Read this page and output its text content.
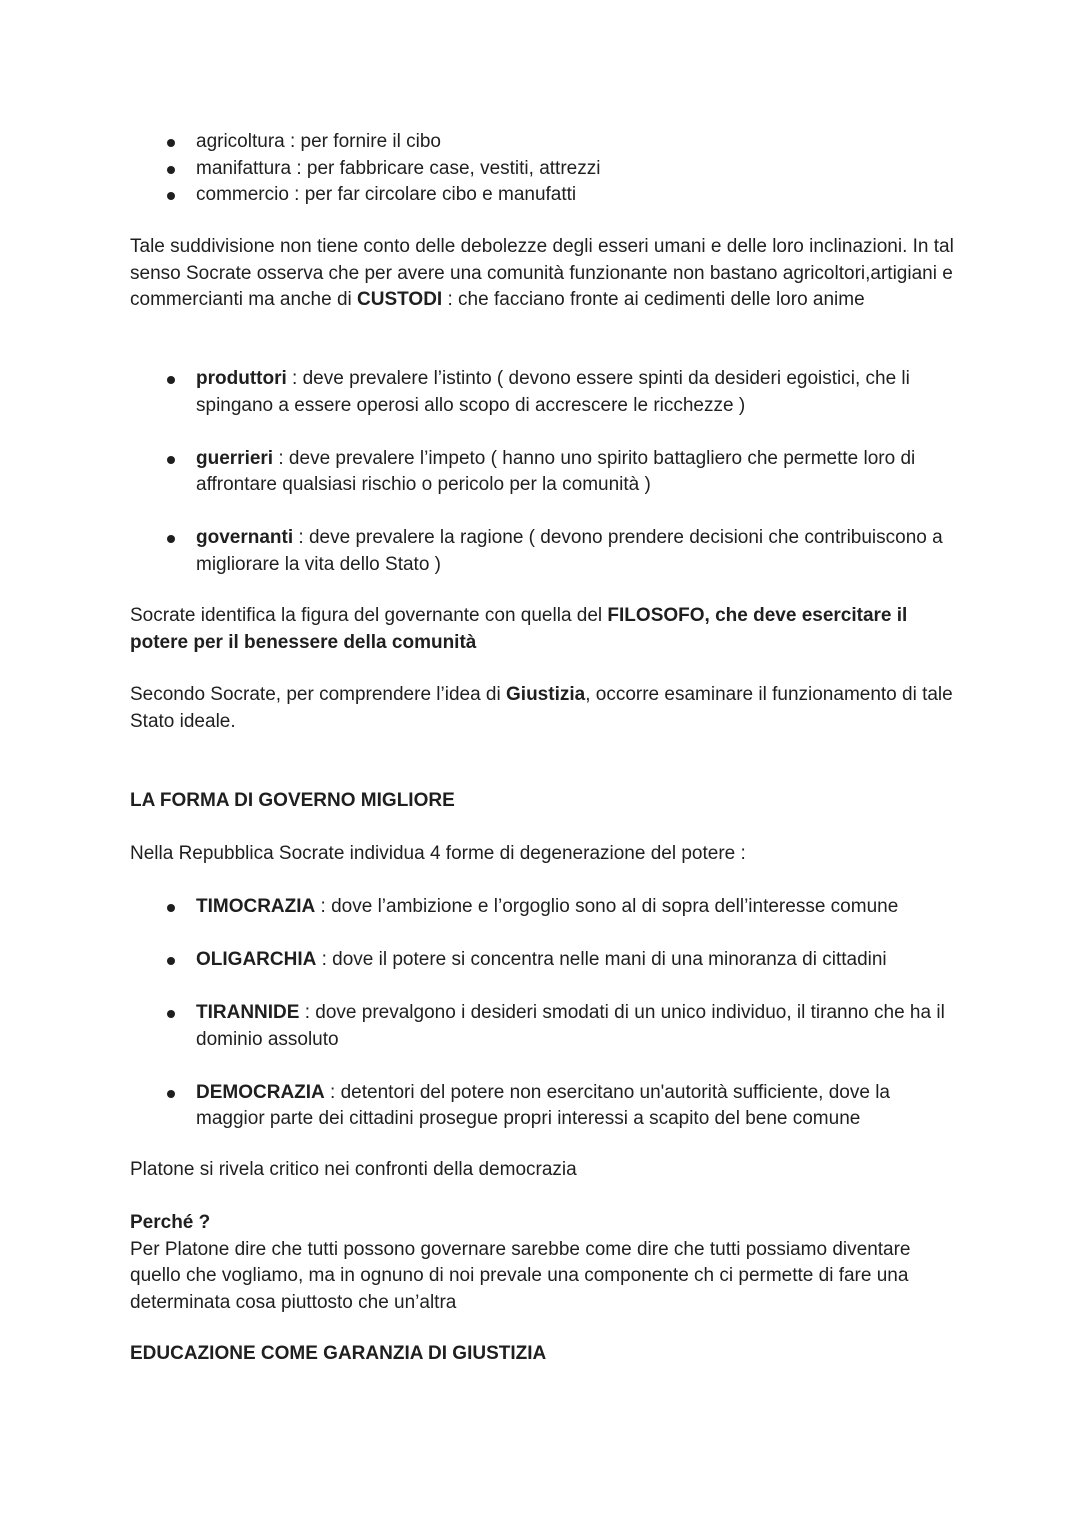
agricoltura : per fornire il cibo
manifattura : per fabbricare case, vestiti, attrezzi
commercio : per far circolare cibo e manufatti

Tale suddivisione non tiene conto delle debolezze degli esseri umani e delle loro inclinazioni. In tal senso Socrate osserva che per avere una comunità funzionante non bastano agricoltori,artigiani e commercianti ma anche di CUSTODI : che facciano fronte ai cedimenti delle loro anime

produttori : deve prevalere l’istinto ( devono essere spinti da desideri egoistici, che li spingano a essere operosi allo scopo di accrescere le ricchezze )
guerrieri : deve prevalere l’impeto ( hanno uno spirito battagliero che permette loro di affrontare qualsiasi rischio o pericolo per la comunità )
governanti : deve prevalere la ragione ( devono prendere decisioni che contribuiscono a migliorare la vita dello Stato )

Socrate identifica la figura del governante con quella del FILOSOFO, che deve esercitare il potere per il benessere della comunità

Secondo Socrate, per comprendere l’idea di Giustizia, occorre esaminare il funzionamento di tale Stato ideale.

LA FORMA DI GOVERNO MIGLIORE

Nella Repubblica Socrate individua 4 forme di degenerazione del potere :

TIMOCRAZIA : dove l’ambizione e l’orgoglio sono al di sopra dell’interesse comune
OLIGARCHIA : dove il potere si concentra nelle mani di una minoranza di cittadini
TIRANNIDE : dove prevalgono i desideri smodati di un unico individuo, il tiranno che ha il dominio assoluto
DEMOCRAZIA : detentori del potere non esercitano un'autorità sufficiente, dove la maggior parte dei cittadini prosegue propri interessi a scapito del bene comune

Platone si rivela critico nei confronti della democrazia

Perché ?
Per Platone dire che tutti possono governare sarebbe come dire che tutti possiamo diventare quello che vogliamo, ma in ognuno di noi prevale una componente ch ci permette di fare una determinata cosa piuttosto che un’altra

EDUCAZIONE COME GARANZIA DI GIUSTIZIA
